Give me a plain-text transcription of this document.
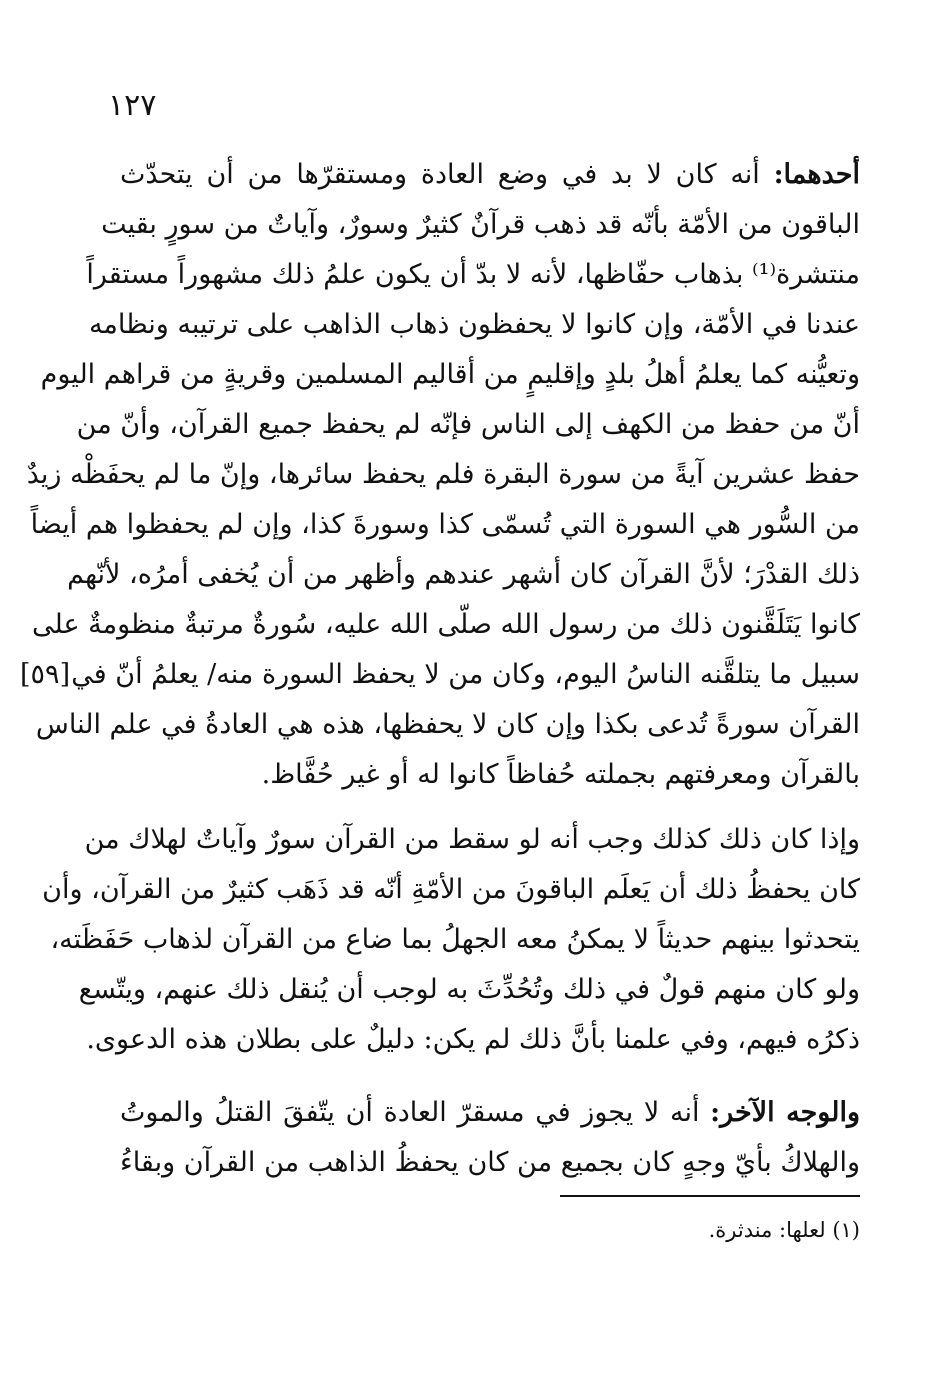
١٢٧
[٥٩]
أحدهما: أنه كان لا بد في وضع العادة ومستقرّها من أن يتحدّث
الباقون من الأمّة بأنّه قد ذهب قرآنٌ كثيرٌ وسورٌ، وآياتٌ من سورٍ بقيت
منتشرة⁽¹⁾ بذهاب حفّاظها، لأنه لا بدّ أن يكون علمُ ذلك مشهوراً مستقراً
عندنا في الأمّة، وإن كانوا لا يحفظون ذهاب الذاهب على ترتيبه ونظامه
وتعيُّنه كما يعلمُ أهلُ بلدٍ وإقليمٍ من أقاليم المسلمين وقريةٍ من قراهم اليوم
أنّ من حفظ من الكهف إلى الناس فإنّه لم يحفظ جميع القرآن، وأنّ من
حفظ عشرين آيةً من سورة البقرة فلم يحفظ سائرها، وإنّ ما لم يحفَظْه زيدٌ
من السُّور هي السورة التي تُسمّى كذا وسورةَ كذا، وإن لم يحفظوا هم أيضاً
ذلك القدْرَ؛ لأنَّ القرآن كان أشهر عندهم وأظهر من أن يُخفى أمرُه، لأنّهم
كانوا يَتَلَقَّنون ذلك من رسول الله صلّى الله عليه، سُورةٌ مرتبةٌ منظومةٌ على
سبيل ما يتلقَّنه الناسُ اليوم، وكان من لا يحفظ السورة منه/ يعلمُ أنّ في
القرآن سورةً تُدعى بكذا وإن كان لا يحفظها، هذه هي العادةُ في علم الناس
بالقرآن ومعرفتهم بجملته حُفاظاً كانوا له أو غير حُفَّاظ.
وإذا كان ذلك كذلك وجب أنه لو سقط من القرآن سورٌ وآياتٌ لهلاك من
كان يحفظُ ذلك أن يَعلَم الباقونَ من الأمّةِ أنّه قد ذَهَب كثيرٌ من القرآن، وأن
يتحدثوا بينهم حديثاً لا يمكنُ معه الجهلُ بما ضاع من القرآن لذهاب حَفَظَته،
ولو كان منهم قولٌ في ذلك وتُحُدِّثَ به لوجب أن يُنقل ذلك عنهم، ويتّسع
ذكرُه فيهم، وفي علمنا بأنَّ ذلك لم يكن: دليلٌ على بطلان هذه الدعوى.
والوجه الآخر: أنه لا يجوز في مسقرّ العادة أن يتّفقَ القتلُ والموتُ
والهلاكُ بأيّ وجهٍ كان بجميع من كان يحفظُ الذاهب من القرآن وبقاءُ
(١) لعلها: مندثرة.
